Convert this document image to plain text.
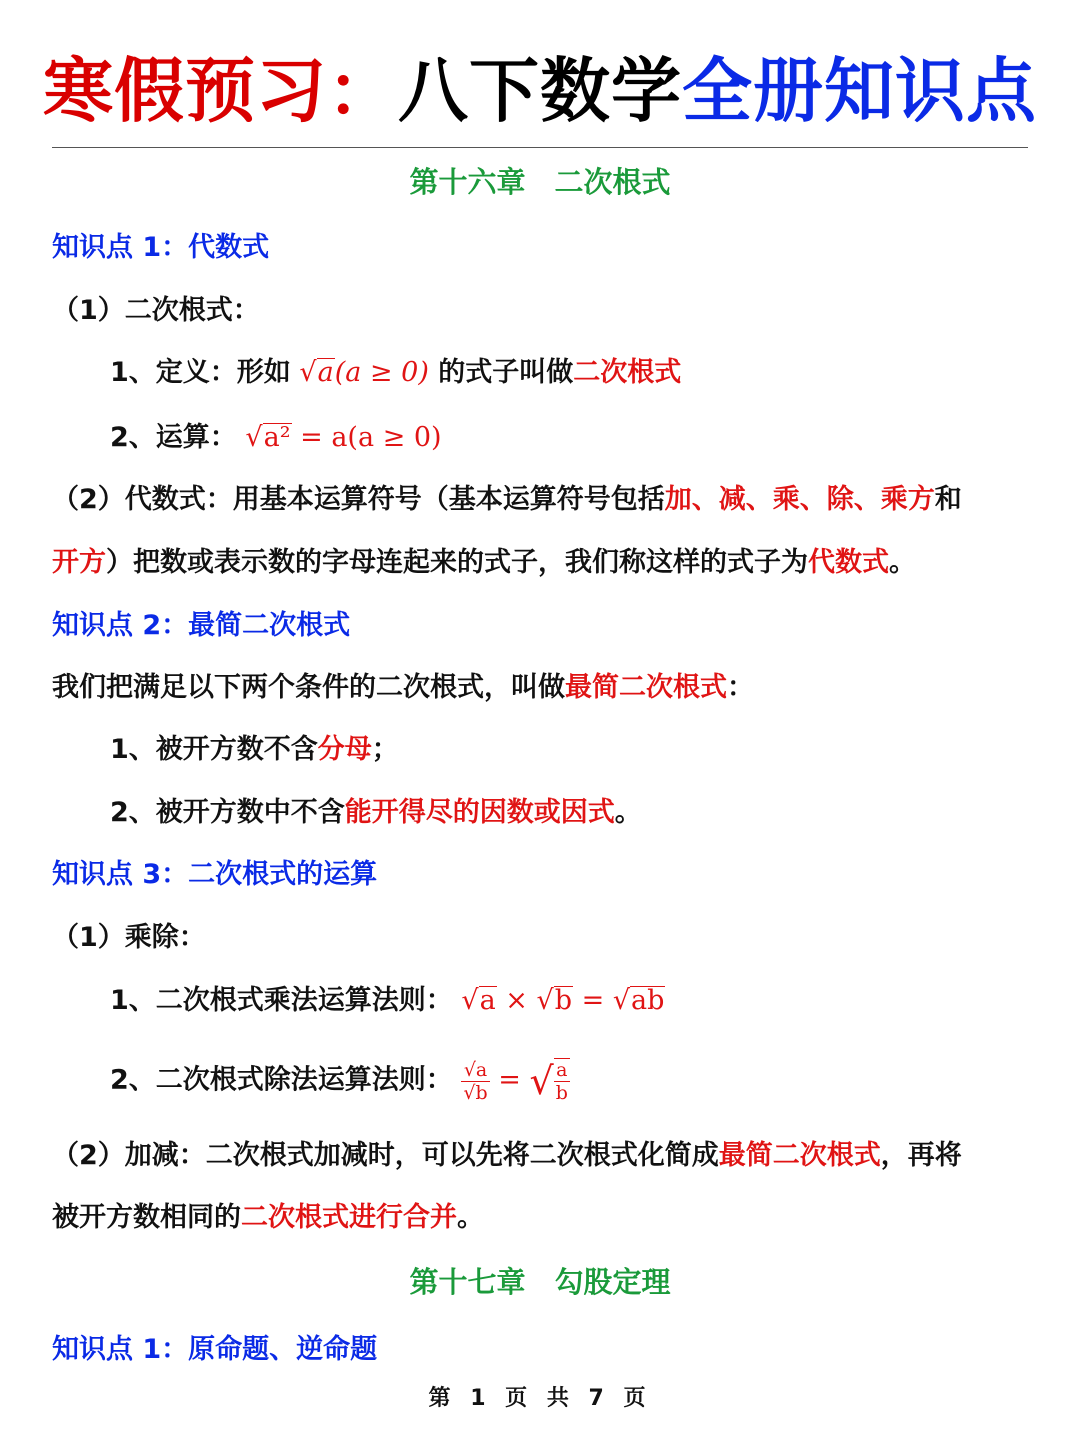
寒假预习：八下数学全册知识点
第十六章　二次根式
知识点 1：代数式
（1）二次根式：
1、定义：形如 √a(a ≥ 0) 的式子叫做二次根式
2、运算： √a² = a(a ≥ 0)
（2）代数式：用基本运算符号（基本运算符号包括加、减、乘、除、乘方和
开方）把数或表示数的字母连起来的式子，我们称这样的式子为代数式。
知识点 2：最简二次根式
我们把满足以下两个条件的二次根式，叫做最简二次根式：
1、被开方数不含分母；
2、被开方数中不含能开得尽的因数或因式。
知识点 3：二次根式的运算
（1）乘除：
1、二次根式乘法运算法则： √a × √b = √ab
2、二次根式除法运算法则： $\frac{√a}{√b}$ = √ $\frac{a}{b}$
（2）加减：二次根式加减时，可以先将二次根式化简成最简二次根式，再将
被开方数相同的二次根式进行合并。
第十七章　勾股定理
知识点 1：原命题、逆命题
第 1 页 共 7 页
